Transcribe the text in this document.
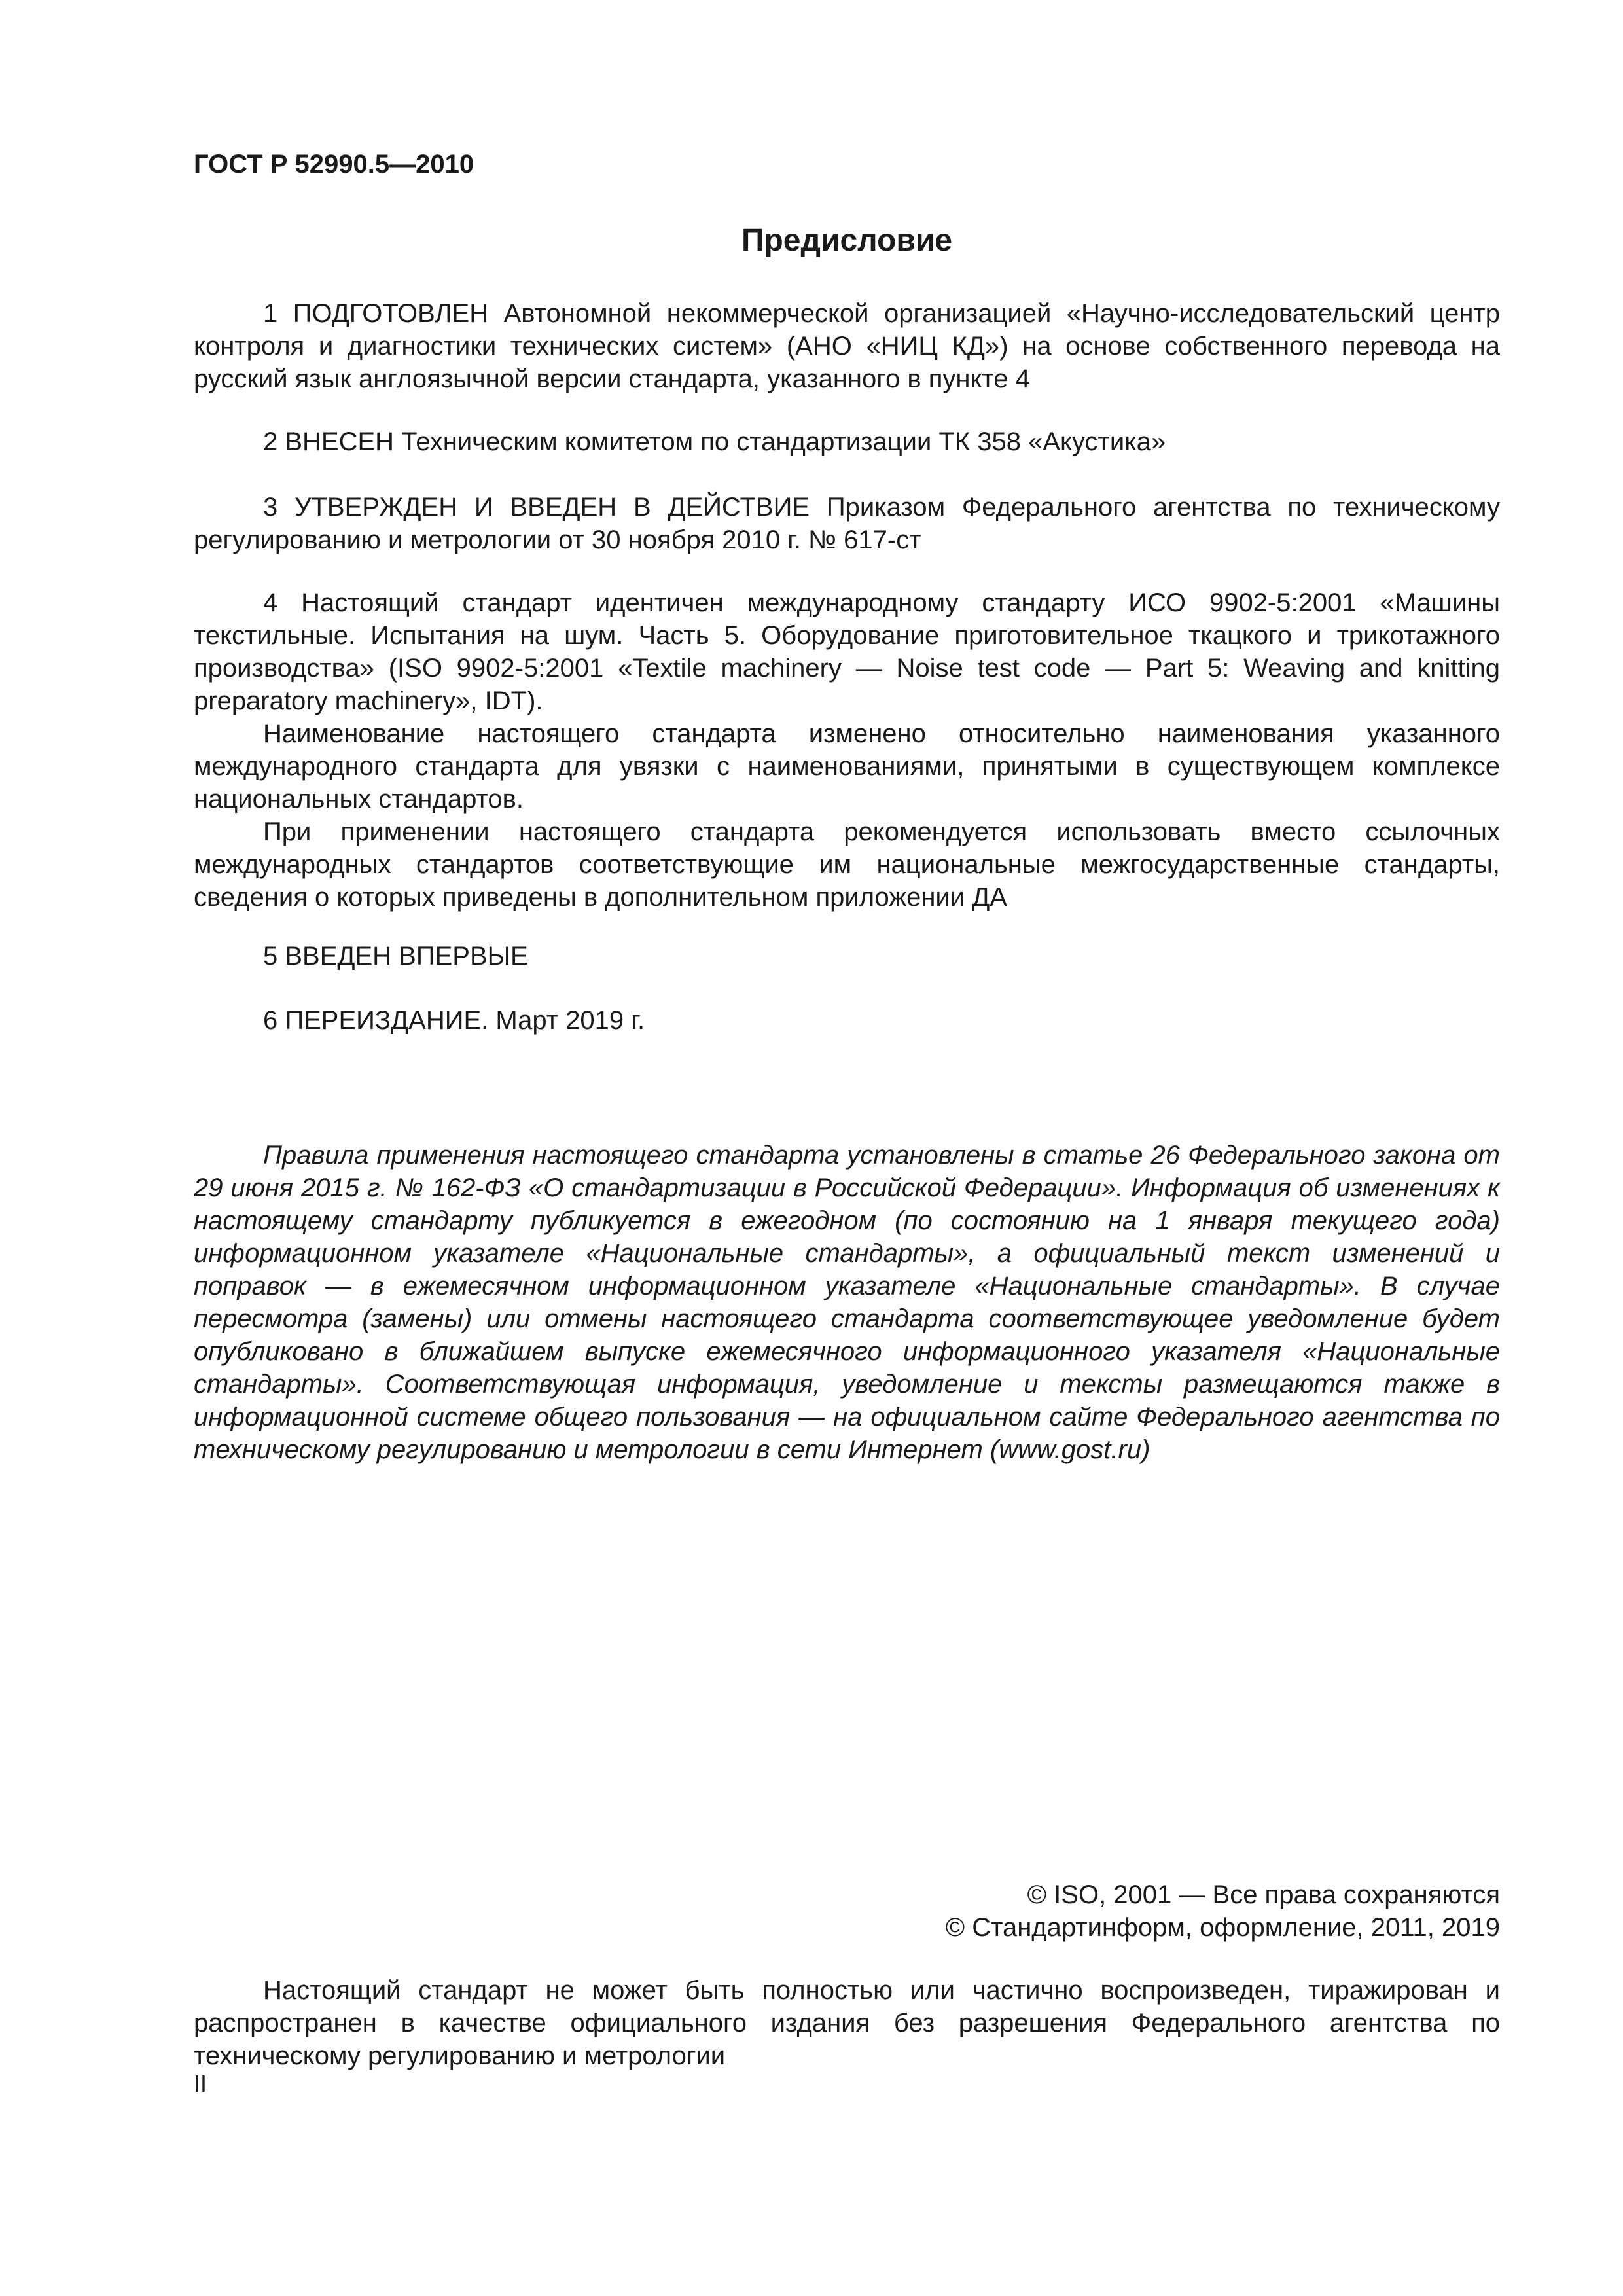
ГОСТ Р 52990.5—2010
Предисловие

1 ПОДГОТОВЛЕН Автономной некоммерческой организацией «Научно-исследовательский центр контроля и диагностики технических систем» (АНО «НИЦ КД») на основе собственного перевода на русский язык англоязычной версии стандарта, указанного в пункте 4

2 ВНЕСЕН Техническим комитетом по стандартизации ТК 358 «Акустика»

3 УТВЕРЖДЕН И ВВЕДЕН В ДЕЙСТВИЕ Приказом Федерального агентства по техническому регулированию и метрологии от 30 ноября 2010 г. № 617-ст

4 Настоящий стандарт идентичен международному стандарту ИСО 9902-5:2001 «Машины текстильные. Испытания на шум. Часть 5. Оборудование приготовительное ткацкого и трикотажного производства» (ISO 9902-5:2001 «Textile machinery — Noise test code — Part 5: Weaving and knitting preparatory machinery», IDT).

Наименование настоящего стандарта изменено относительно наименования указанного международного стандарта для увязки с наименованиями, принятыми в существующем комплексе национальных стандартов.

При применении настоящего стандарта рекомендуется использовать вместо ссылочных международных стандартов соответствующие им национальные межгосударственные стандарты, сведения о которых приведены в дополнительном приложении ДА

5 ВВЕДЕН ВПЕРВЫЕ

6 ПЕРЕИЗДАНИЕ. Март 2019 г.

Правила применения настоящего стандарта установлены в статье 26 Федерального закона от 29 июня 2015 г. № 162-ФЗ «О стандартизации в Российской Федерации». Информация об изменениях к настоящему стандарту публикуется в ежегодном (по состоянию на 1 января текущего года) информационном указателе «Национальные стандарты», а официальный текст изменений и поправок — в ежемесячном информационном указателе «Национальные стандарты». В случае пересмотра (замены) или отмены настоящего стандарта соответствующее уведомление будет опубликовано в ближайшем выпуске ежемесячного информационного указателя «Национальные стандарты». Соответствующая информация, уведомление и тексты размещаются также в информационной системе общего пользования — на официальном сайте Федерального агентства по техническому регулированию и метрологии в сети Интернет (www.gost.ru)

© ISO, 2001 — Все права сохраняются
© Стандартинформ, оформление, 2011, 2019

Настоящий стандарт не может быть полностью или частично воспроизведен, тиражирован и распространен в качестве официального издания без разрешения Федерального агентства по техническому регулированию и метрологии

II
